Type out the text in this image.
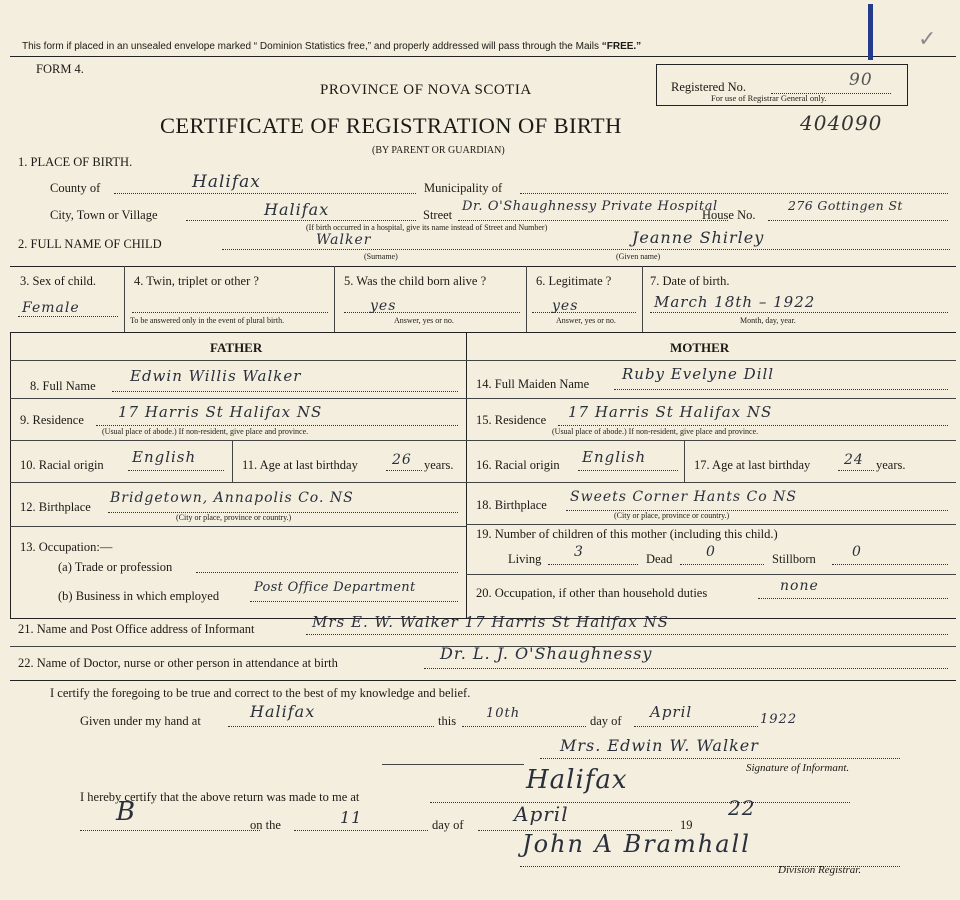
This form if placed in an unsealed envelope marked “ Dominion Statistics free,” and properly addressed will pass through the Mails “FREE.”
FORM 4.
PROVINCE OF NOVA SCOTIA	Registered No.
For use of Registrar General only.
90
✓
CERTIFICATE OF REGISTRATION OF BIRTH	404090
(BY PARENT OR GUARDIAN)
1. PLACE OF BIRTH.
County of	Halifax	Municipality of
City, Town or Village	Halifax	Street
Dr. O'Shaughnessy Private Hospital
House No.
276 Gottingen St
(If birth occurred in a hospital, give its name instead of Street and Number)
2. FULL NAME OF CHILD	Walker
(Surname)
Jeanne Shirley
(Given name)
3. Sex of child.
Female
4. Twin, triplet or other ?
To be answered only in the event of plural birth.
5. Was the child born alive ?
yes
Answer, yes or no.
6. Legitimate ?
yes
Answer, yes or no.
7. Date of birth.
March 18th – 1922
Month, day, year.
FATHER
8. Full Name
Edwin Willis Walker
9. Residence 17 Harris St Halifax NS
(Usual place of abode.) If non-resident, give place and province.
10. Racial origin English	11. Age at last birthday 26 years.
12. Birthplace
Bridgetown, Annapolis Co. NS
(City or place, province or country.)
13. Occupation:—
(a) Trade or profession
(b) Business in which employed
Post Office Department
MOTHER
14. Full Maiden Name
Ruby Evelyne Dill
15. Residence 17 Harris St Halifax NS
(Usual place of abode.) If non-resident, give place and province.
16. Racial origin English	17. Age at last birthday 24 years.
18. Birthplace Sweets Corner Hants Co NS
(City or place, province or country.)
19. Number of children of this mother (including this child.)
Living 3	Dead 0	Stillborn	0
20. Occupation, if other than household duties	none
21. Name and Post Office address of Informant	Mrs E. W. Walker 17 Harris St Halifax NS
22. Name of Doctor, nurse or other person in attendance at birth	Dr. L. J. O'Shaughnessy
I certify the foregoing to be true and correct to the best of my knowledge and belief.
Given under my hand at	Halifax	this 10th	day of April	1922
Mrs. Edwin W. Walker
Signature of Informant.
I hereby certify that the above return was made to me at
Halifax
B	on the	11	day of	April	19
22
John A Bramhall
Division Registrar.
